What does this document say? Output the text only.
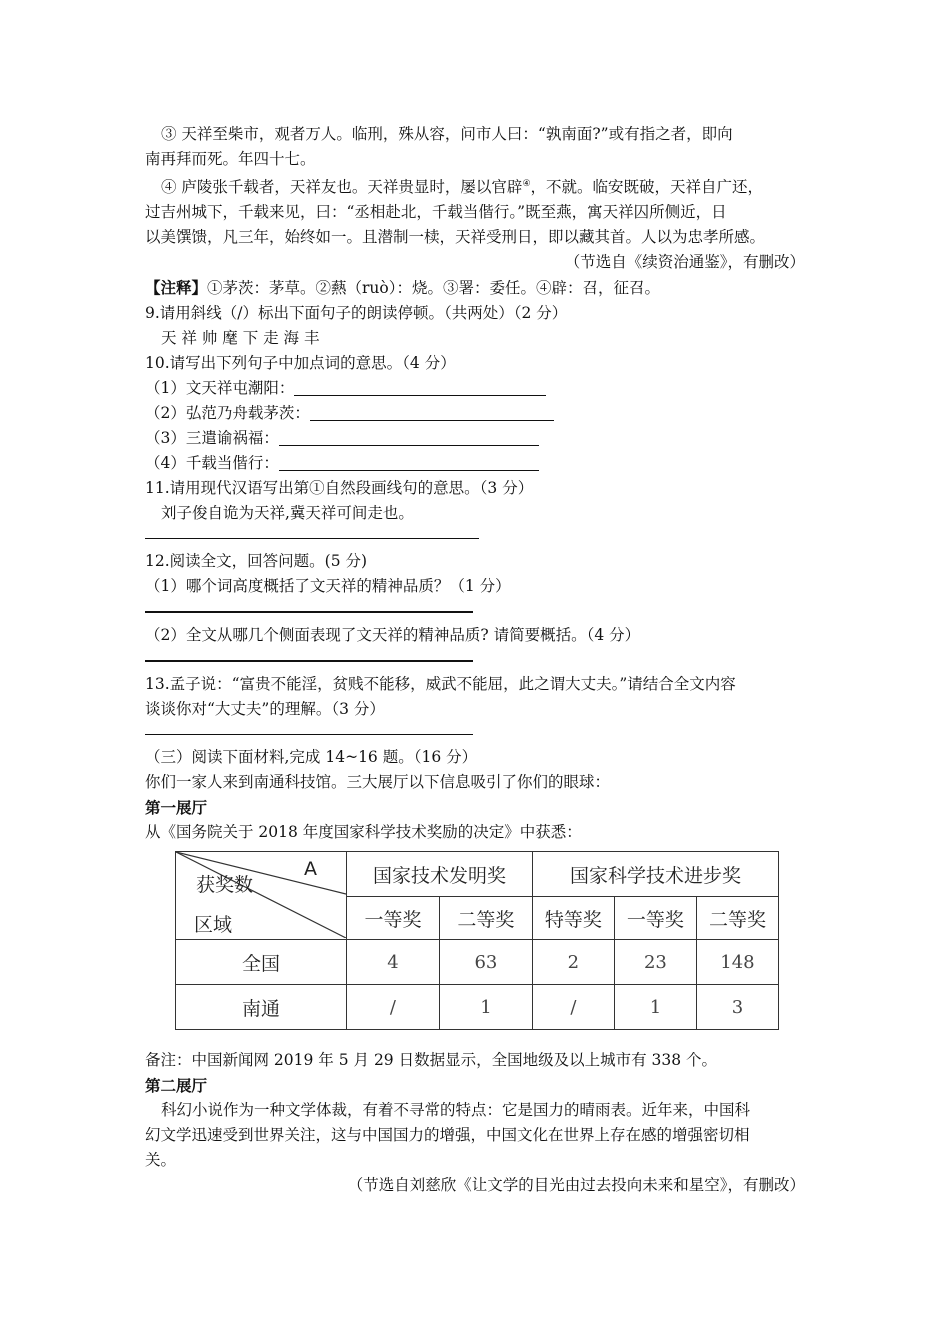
③ 天祥至柴市，观者万人。临刑，殊从容，问市人曰：“孰南面?”或有指之者，即向

南再拜而死。年四十七。

④ 庐陵张千载者，天祥友也。天祥贵显时，屡以官辟④，不就。临安既破，天祥自广还，

过吉州城下，千载来见，曰：“丞相赴北，千载当偕行。”既至燕，寓天祥囚所侧近，日

以美馔馈，凡三年，始终如一。且潜制一椟，天祥受刑日，即以藏其首。人以为忠孝所感。

（节选自《续资治通鉴》，有删改）

【注释】①茅茨：茅草。②爇（ruò）：烧。③署：委任。④辟：召，征召。

9.请用斜线（/）标出下面句子的朗读停顿。（共两处）（2 分）

天 祥 帅 麾 下 走 海 丰

10.请写出下列句子中加点词的意思。（4 分）

（1）文天祥屯潮阳：

（2）弘范乃舟载茅茨：

（3）三遣谕祸福：

（4）千载当偕行：

11.请用现代汉语写出第①自然段画线句的意思。（3 分）

刘子俊自诡为天祥,冀天祥可间走也。

12.阅读全文，回答问题。(5 分)

（1）哪个词高度概括了文天祥的精神品质？（1 分）

（2）全文从哪几个侧面表现了文天祥的精神品质? 请简要概括。（4 分）

13.孟子说：“富贵不能淫，贫贱不能移，威武不能屈，此之谓大丈夫。”请结合全文内容

谈谈你对“大丈夫”的理解。（3 分）

（三）阅读下面材料,完成 14~16 题。（16 分）

你们一家人来到南通科技馆。三大展厅以下信息吸引了你们的眼球：

第一展厅

从《国务院关于 2018 年度国家科学技术奖励的决定》中获悉：

获奖数
A
区域	国家技术发明奖		国家科学技术进步奖		
	一等奖	二等奖	特等奖	一等奖	二等奖
全国	4	63	2	23	148
南通	/	1	/	1	3

备注：中国新闻网 2019 年 5 月 29 日数据显示，全国地级及以上城市有 338 个。

第二展厅

科幻小说作为一种文学体裁，有着不寻常的特点：它是国力的晴雨表。近年来，中国科

幻文学迅速受到世界关注，这与中国国力的增强，中国文化在世界上存在感的增强密切相

关。

（节选自刘慈欣《让文学的目光由过去投向未来和星空》，有删改）
